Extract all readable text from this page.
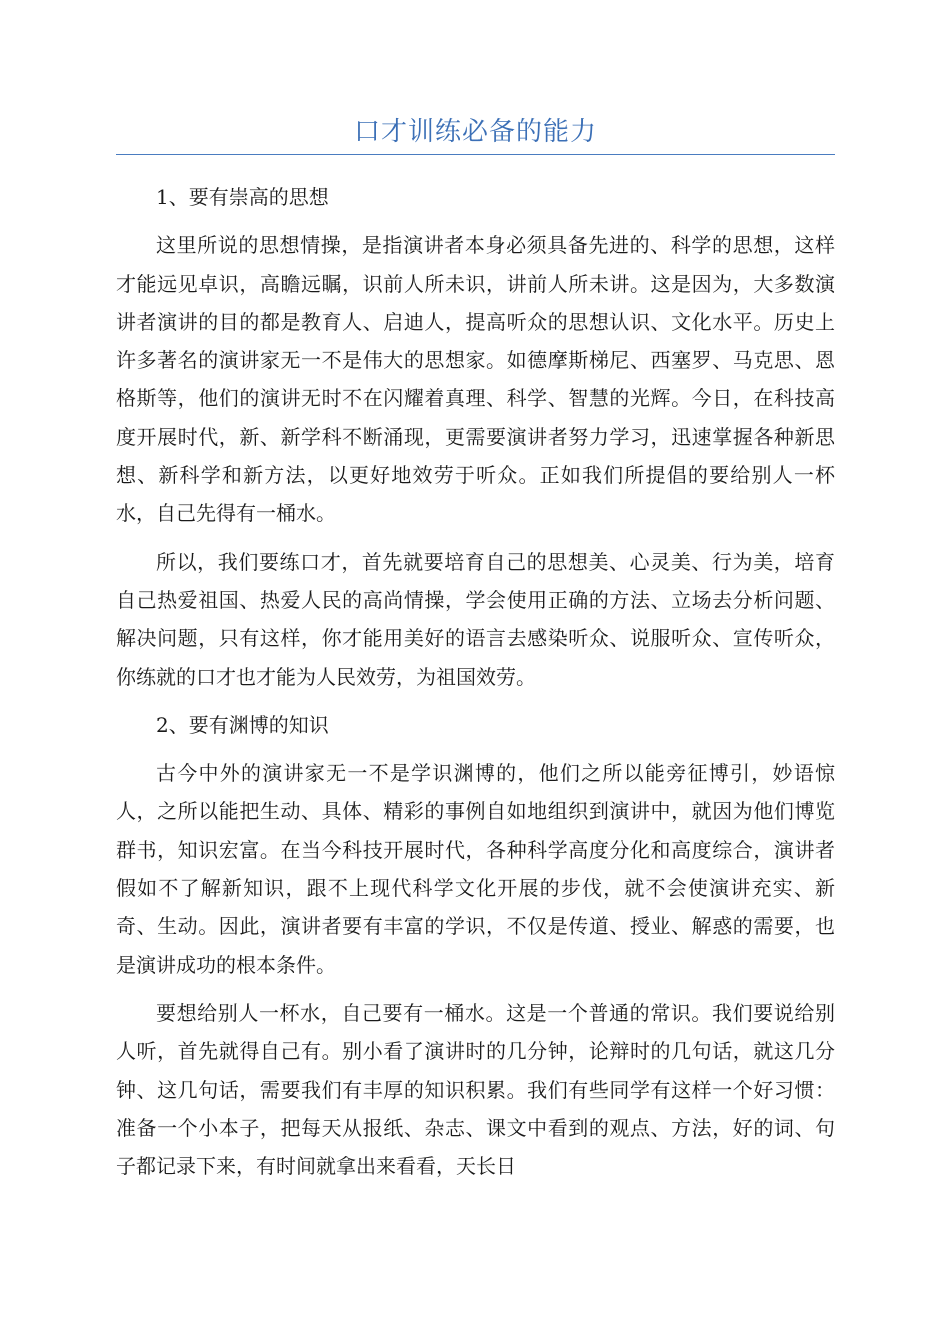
口才训练必备的能力

1、要有崇高的思想

这里所说的思想情操，是指演讲者本身必须具备先进的、科学的思想，这样才能远见卓识，高瞻远瞩，识前人所未识，讲前人所未讲。这是因为，大多数演讲者演讲的目的都是教育人、启迪人，提高听众的思想认识、文化水平。历史上许多著名的演讲家无一不是伟大的思想家。如德摩斯梯尼、西塞罗、马克思、恩格斯等，他们的演讲无时不在闪耀着真理、科学、智慧的光辉。今日，在科技高度开展时代，新、新学科不断涌现，更需要演讲者努力学习，迅速掌握各种新思想、新科学和新方法，以更好地效劳于听众。正如我们所提倡的要给别人一杯水，自己先得有一桶水。

所以，我们要练口才，首先就要培育自己的思想美、心灵美、行为美，培育自己热爱祖国、热爱人民的高尚情操，学会使用正确的方法、立场去分析问题、解决问题，只有这样，你才能用美好的语言去感染听众、说服听众、宣传听众，你练就的口才也才能为人民效劳，为祖国效劳。

2、要有渊博的知识

古今中外的演讲家无一不是学识渊博的，他们之所以能旁征博引，妙语惊人，之所以能把生动、具体、精彩的事例自如地组织到演讲中，就因为他们博览群书，知识宏富。在当今科技开展时代，各种科学高度分化和高度综合，演讲者假如不了解新知识，跟不上现代科学文化开展的步伐，就不会使演讲充实、新奇、生动。因此，演讲者要有丰富的学识，不仅是传道、授业、解惑的需要，也是演讲成功的根本条件。

要想给别人一杯水，自己要有一桶水。这是一个普通的常识。我们要说给别人听，首先就得自己有。别小看了演讲时的几分钟，论辩时的几句话，就这几分钟、这几句话，需要我们有丰厚的知识积累。我们有些同学有这样一个好习惯：准备一个小本子，把每天从报纸、杂志、课文中看到的观点、方法，好的词、句子都记录下来，有时间就拿出来看看，天长日
